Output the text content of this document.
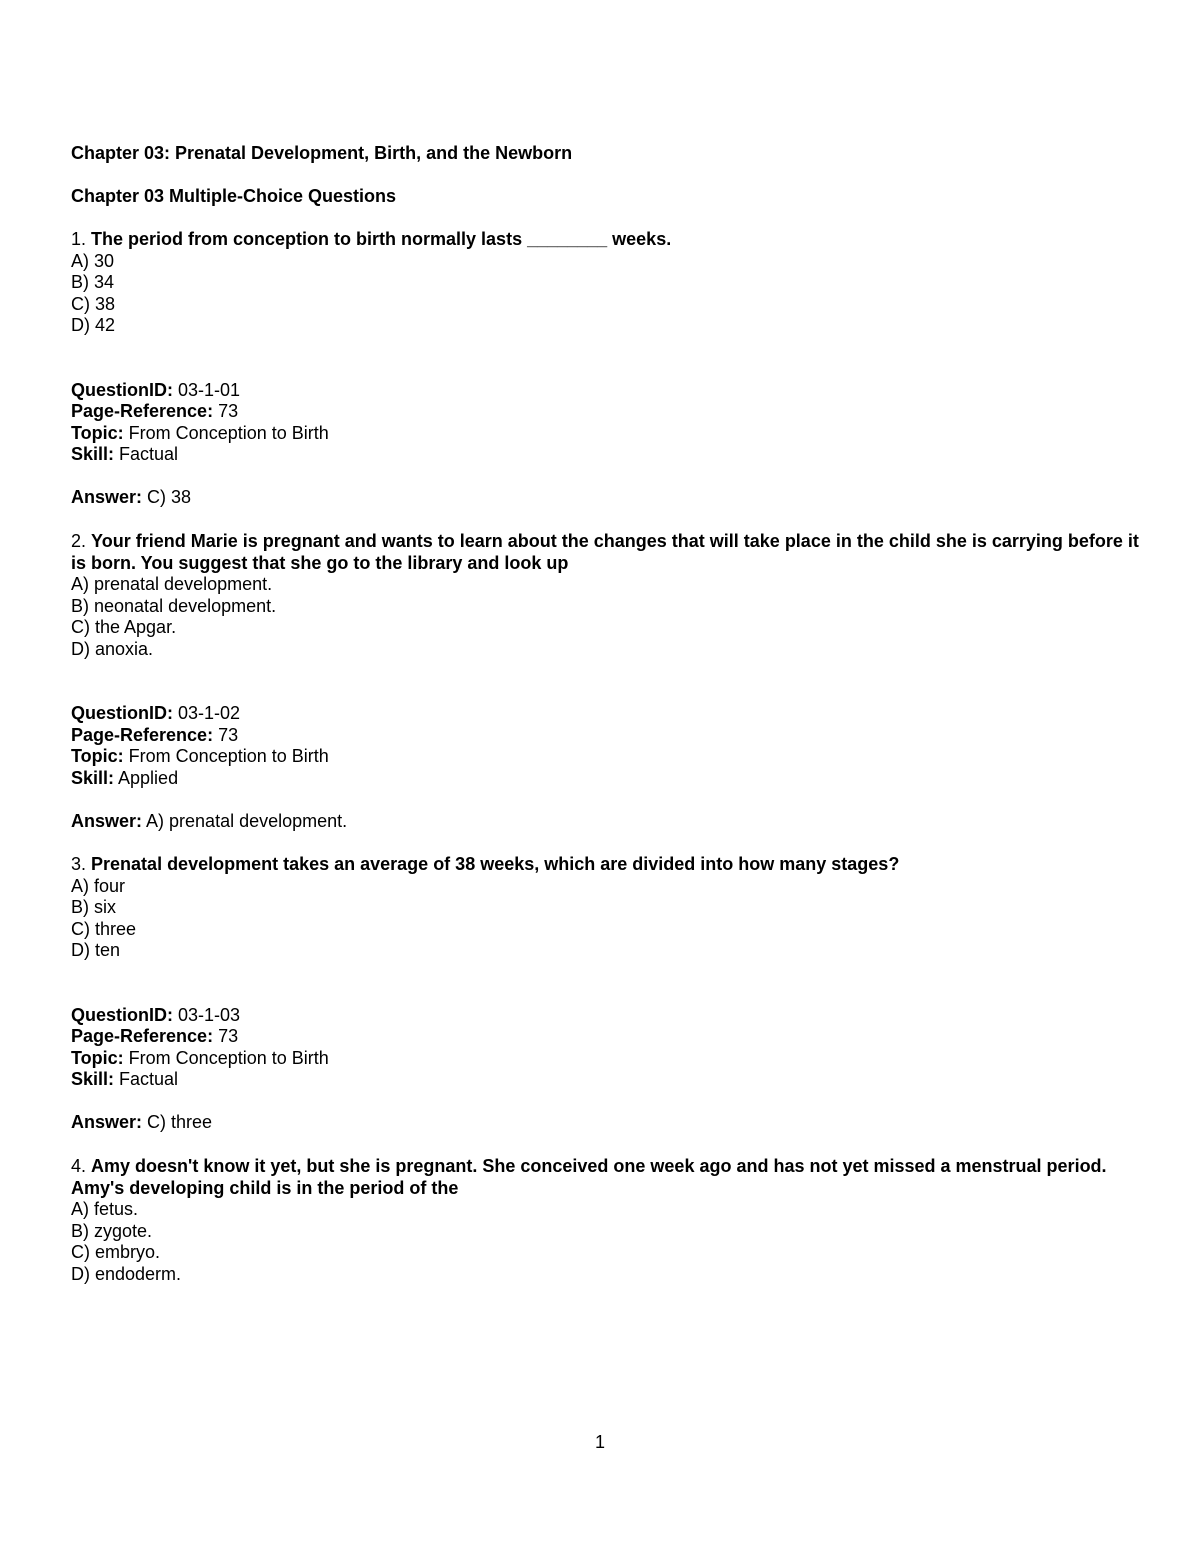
Chapter 03: Prenatal Development, Birth, and the Newborn

Chapter 03 Multiple-Choice Questions

1. The period from conception to birth normally lasts ________ weeks.
A) 30
B) 34
C) 38
D) 42
QuestionID: 03-1-01
Page-Reference: 73
Topic: From Conception to Birth
Skill: Factual
Answer: C) 38
2. Your friend Marie is pregnant and wants to learn about the changes that will take place in the child she is carrying before it is born. You suggest that she go to the library and look up
A) prenatal development.
B) neonatal development.
C) the Apgar.
D) anoxia.
QuestionID: 03-1-02
Page-Reference: 73
Topic: From Conception to Birth
Skill: Applied
Answer: A) prenatal development.
3. Prenatal development takes an average of 38 weeks, which are divided into how many stages?
A) four
B) six
C) three
D) ten
QuestionID: 03-1-03
Page-Reference: 73
Topic: From Conception to Birth
Skill: Factual
Answer: C) three
4. Amy doesn't know it yet, but she is pregnant. She conceived one week ago and has not yet missed a menstrual period. Amy's developing child is in the period of the
A) fetus.
B) zygote.
C) embryo.
D) endoderm.
1
